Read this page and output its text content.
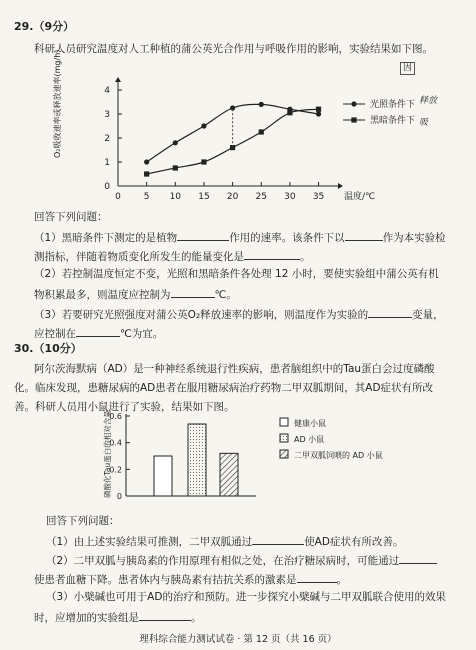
29.（9分）
科研人员研究温度对人工种植的蒲公英光合作用与呼吸作用的影响，实验结果如下图。
因
0
1
2
3
4
0	5 10 15 20 25 30 35 温度/℃
光照条件下
黑暗条件下
释放
吸
O₂吸收速率或释放速率(mg/h)
回答下列问题：
（1）黑暗条件下测定的是植物	作用的速率。该条件下以	作为本实验检
测指标，伴随着物质变化所发生的能量变化是	。
（2）若控制温度恒定不变，光照和黑暗条件各处理 12 小时，要使实验组中蒲公英有机
物积累最多，则温度应控制为	℃。
（3）若要研究光照强度对蒲公英O₂释放速率的影响，则温度作为实验的	变量，
应控制在	℃为宜。
30.（10分）
阿尔茨海默病（AD）是一种神经系统退行性疾病，患者脑组织中的Tau蛋白会过度磷酸
化。临床发现，患糖尿病的AD患者在服用糖尿病治疗药物二甲双胍期间，其AD症状有所改
善。科研人员用小鼠进行了实验，结果如下图。
0
0.2
0.4
0.6
健康小鼠
AD 小鼠
二甲双胍饲喂的 AD 小鼠
磷酸化Tau蛋白的相对含量
回答下列问题：
（1）由上述实验结果可推测，二甲双胍通过	使AD症状有所改善。
（2）二甲双胍与胰岛素的作用原理有相似之处，在治疗糖尿病时，可能通过
使患者血糖下降。患者体内与胰岛素有拮抗关系的激素是	。
（3）小檗碱也可用于AD的治疗和预防。进一步探究小檗碱与二甲双胍联合使用的效果
时，应增加的实验组是	。
理科综合能力测试试卷 · 第 12 页（共 16 页）
